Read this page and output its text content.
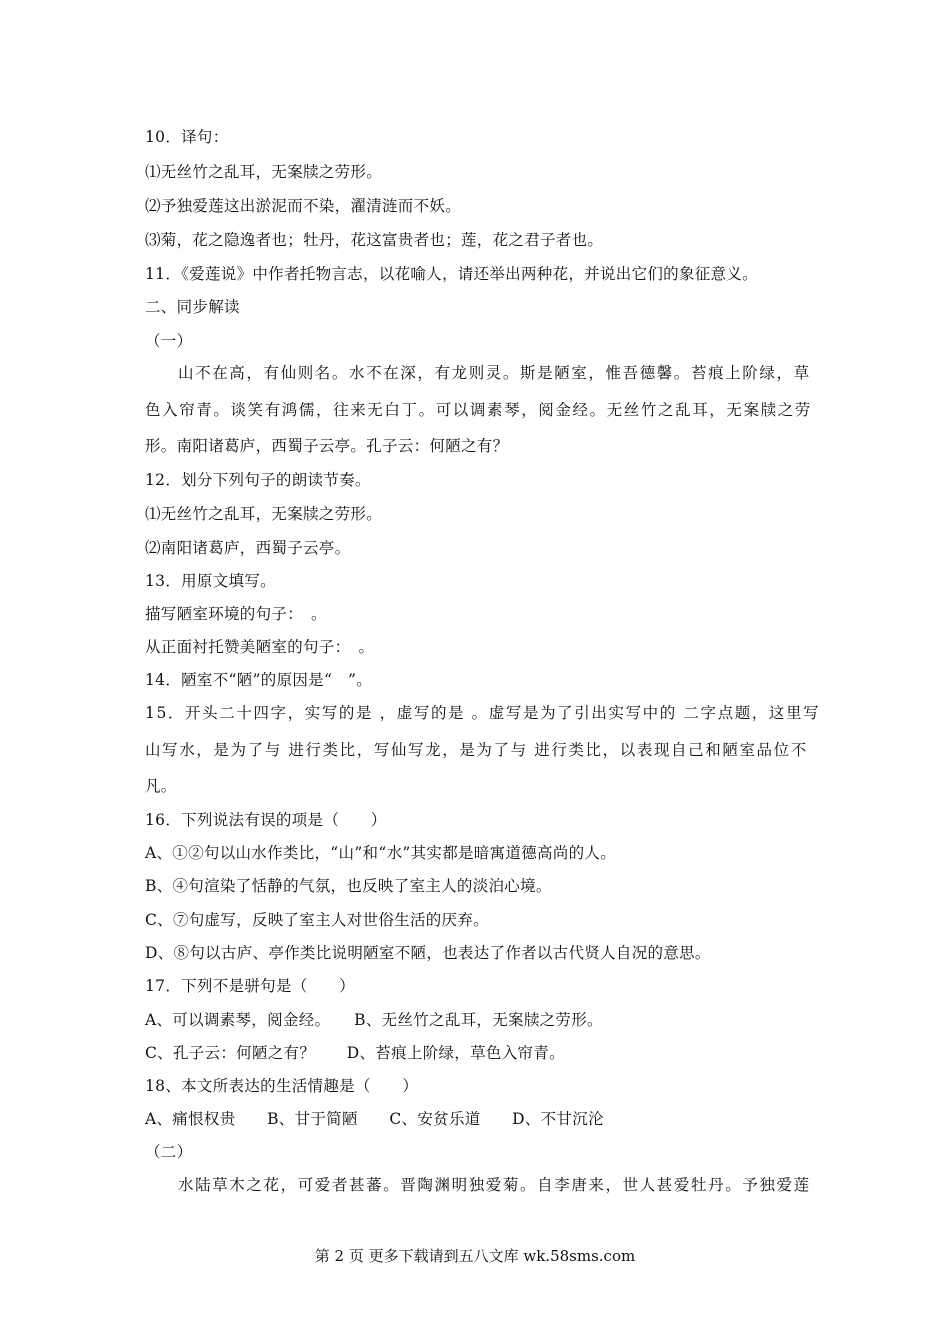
10．译句：
⑴无丝竹之乱耳，无案牍之劳形。
⑵予独爱莲这出淤泥而不染，濯清涟而不妖。
⑶菊，花之隐逸者也；牡丹，花这富贵者也；莲，花之君子者也。
11．《爱莲说》中作者托物言志，以花喻人，请还举出两种花，并说出它们的象征意义。
二、同步解读
（一）
山不在高，有仙则名。水不在深，有龙则灵。斯是陋室，惟吾德馨。苔痕上阶绿，草
色入帘青。谈笑有鸿儒，往来无白丁。可以调素琴，阅金经。无丝竹之乱耳，无案牍之劳
形。南阳诸葛庐，西蜀子云亭。孔子云：何陋之有？
12．划分下列句子的朗读节奏。
⑴无丝竹之乱耳，无案牍之劳形。
⑵南阳诸葛庐，西蜀子云亭。
13．用原文填写。
描写陋室环境的句子：　。
从正面衬托赞美陋室的句子：　。
14．陋室不“陋”的原因是“　”。
15．开头二十四字，实写的是 ，虚写的是 。虚写是为了引出实写中的 二字点题，这里写
山写水，是为了与 进行类比，写仙写龙，是为了与 进行类比，以表现自己和陋室品位不
凡。
16．下列说法有误的项是（　　）
A、①②句以山水作类比，“山”和“水”其实都是暗寓道德高尚的人。
B、④句渲染了恬静的气氛，也反映了室主人的淡泊心境。
C、⑦句虚写，反映了室主人对世俗生活的厌弃。
D、⑧句以古庐、亭作类比说明陋室不陋，也表达了作者以古代贤人自况的意思。
17．下列不是骈句是（　　）
A、可以调素琴，阅金经。　　B、无丝竹之乱耳，无案牍之劳形。
C、孔子云：何陋之有？　　D、苔痕上阶绿，草色入帘青。
18、本文所表达的生活情趣是（　　）
A、痛恨权贵　　B、甘于简陋　　C、安贫乐道　　D、不甘沉沦
（二）
水陆草木之花，可爱者甚蕃。晋陶渊明独爱菊。自李唐来，世人甚爱牡丹。予独爱莲
第 2 页 更多下载请到五八文库 wk.58sms.com
